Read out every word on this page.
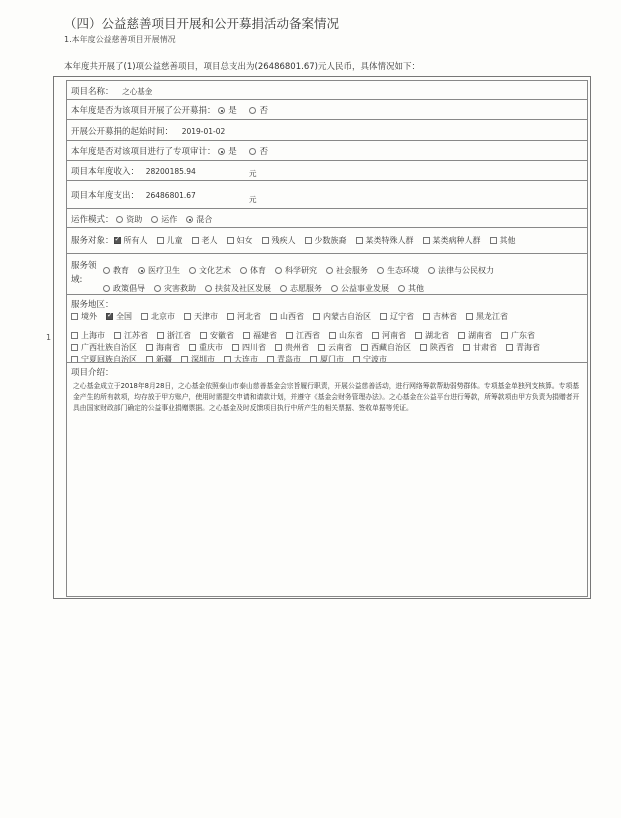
（四）公益慈善项目开展和公开募捐活动备案情况
1.本年度公益慈善项目开展情况
本年度共开展了(1)项公益慈善项目，项目总支出为(26486801.67)元人民币，具体情况如下：
1
项目名称： 之心基金
本年度是否为该项目开展了公开募捐： 是	否
开展公开募捐的起始时间： 2019-01-02
本年度是否对该项目进行了专项审计： 是	否
项目本年度收入： 28200185.94	元
项目本年度支出： 26486801.67	元
运作模式： 资助 运作 混合
服务对象： ✓ 所有人 儿童 老人 妇女 残疾人 少数族裔 某类特殊人群 某类病种人群 其他
服务领
域:
教育 医疗卫生 文化艺术 体育 科学研究 社会服务 生态环境 法律与公民权力
政策倡导 灾害救助 扶贫及社区发展 志愿服务 公益事业发展 其他
服务地区：
境外 ✓ 全国 北京市 天津市 河北省 山西省 内蒙古自治区 辽宁省 吉林省 黑龙江省
上海市 江苏省 浙江省 安徽省 福建省 江西省 山东省 河南省 湖北省 湖南省 广东省
广西壮族自治区 海南省 重庆市 四川省 贵州省 云南省 西藏自治区 陕西省 甘肃省 青海省
宁夏回族自治区 新疆 深圳市 大连市 青岛市 厦门市 宁波市
项目介绍：
之心基金成立于2018年8月28日，之心基金依照泰山市泰山慈善基金会宗旨履行职责，开展公益慈善活动，进行网络筹款帮助弱势群体。专项基金单独列支核算。专项基金产生的所有款项，均存放于甲方账户，使用时需提交申请和请款计划，并遵守《基金会财务管理办法》。之心基金在公益平台进行筹款，所筹款项由甲方负责为捐赠者开具由国家财政部门确定的公益事业捐赠票据。之心基金及时反馈项目执行中所产生的相关票据、签收单据等凭证。
